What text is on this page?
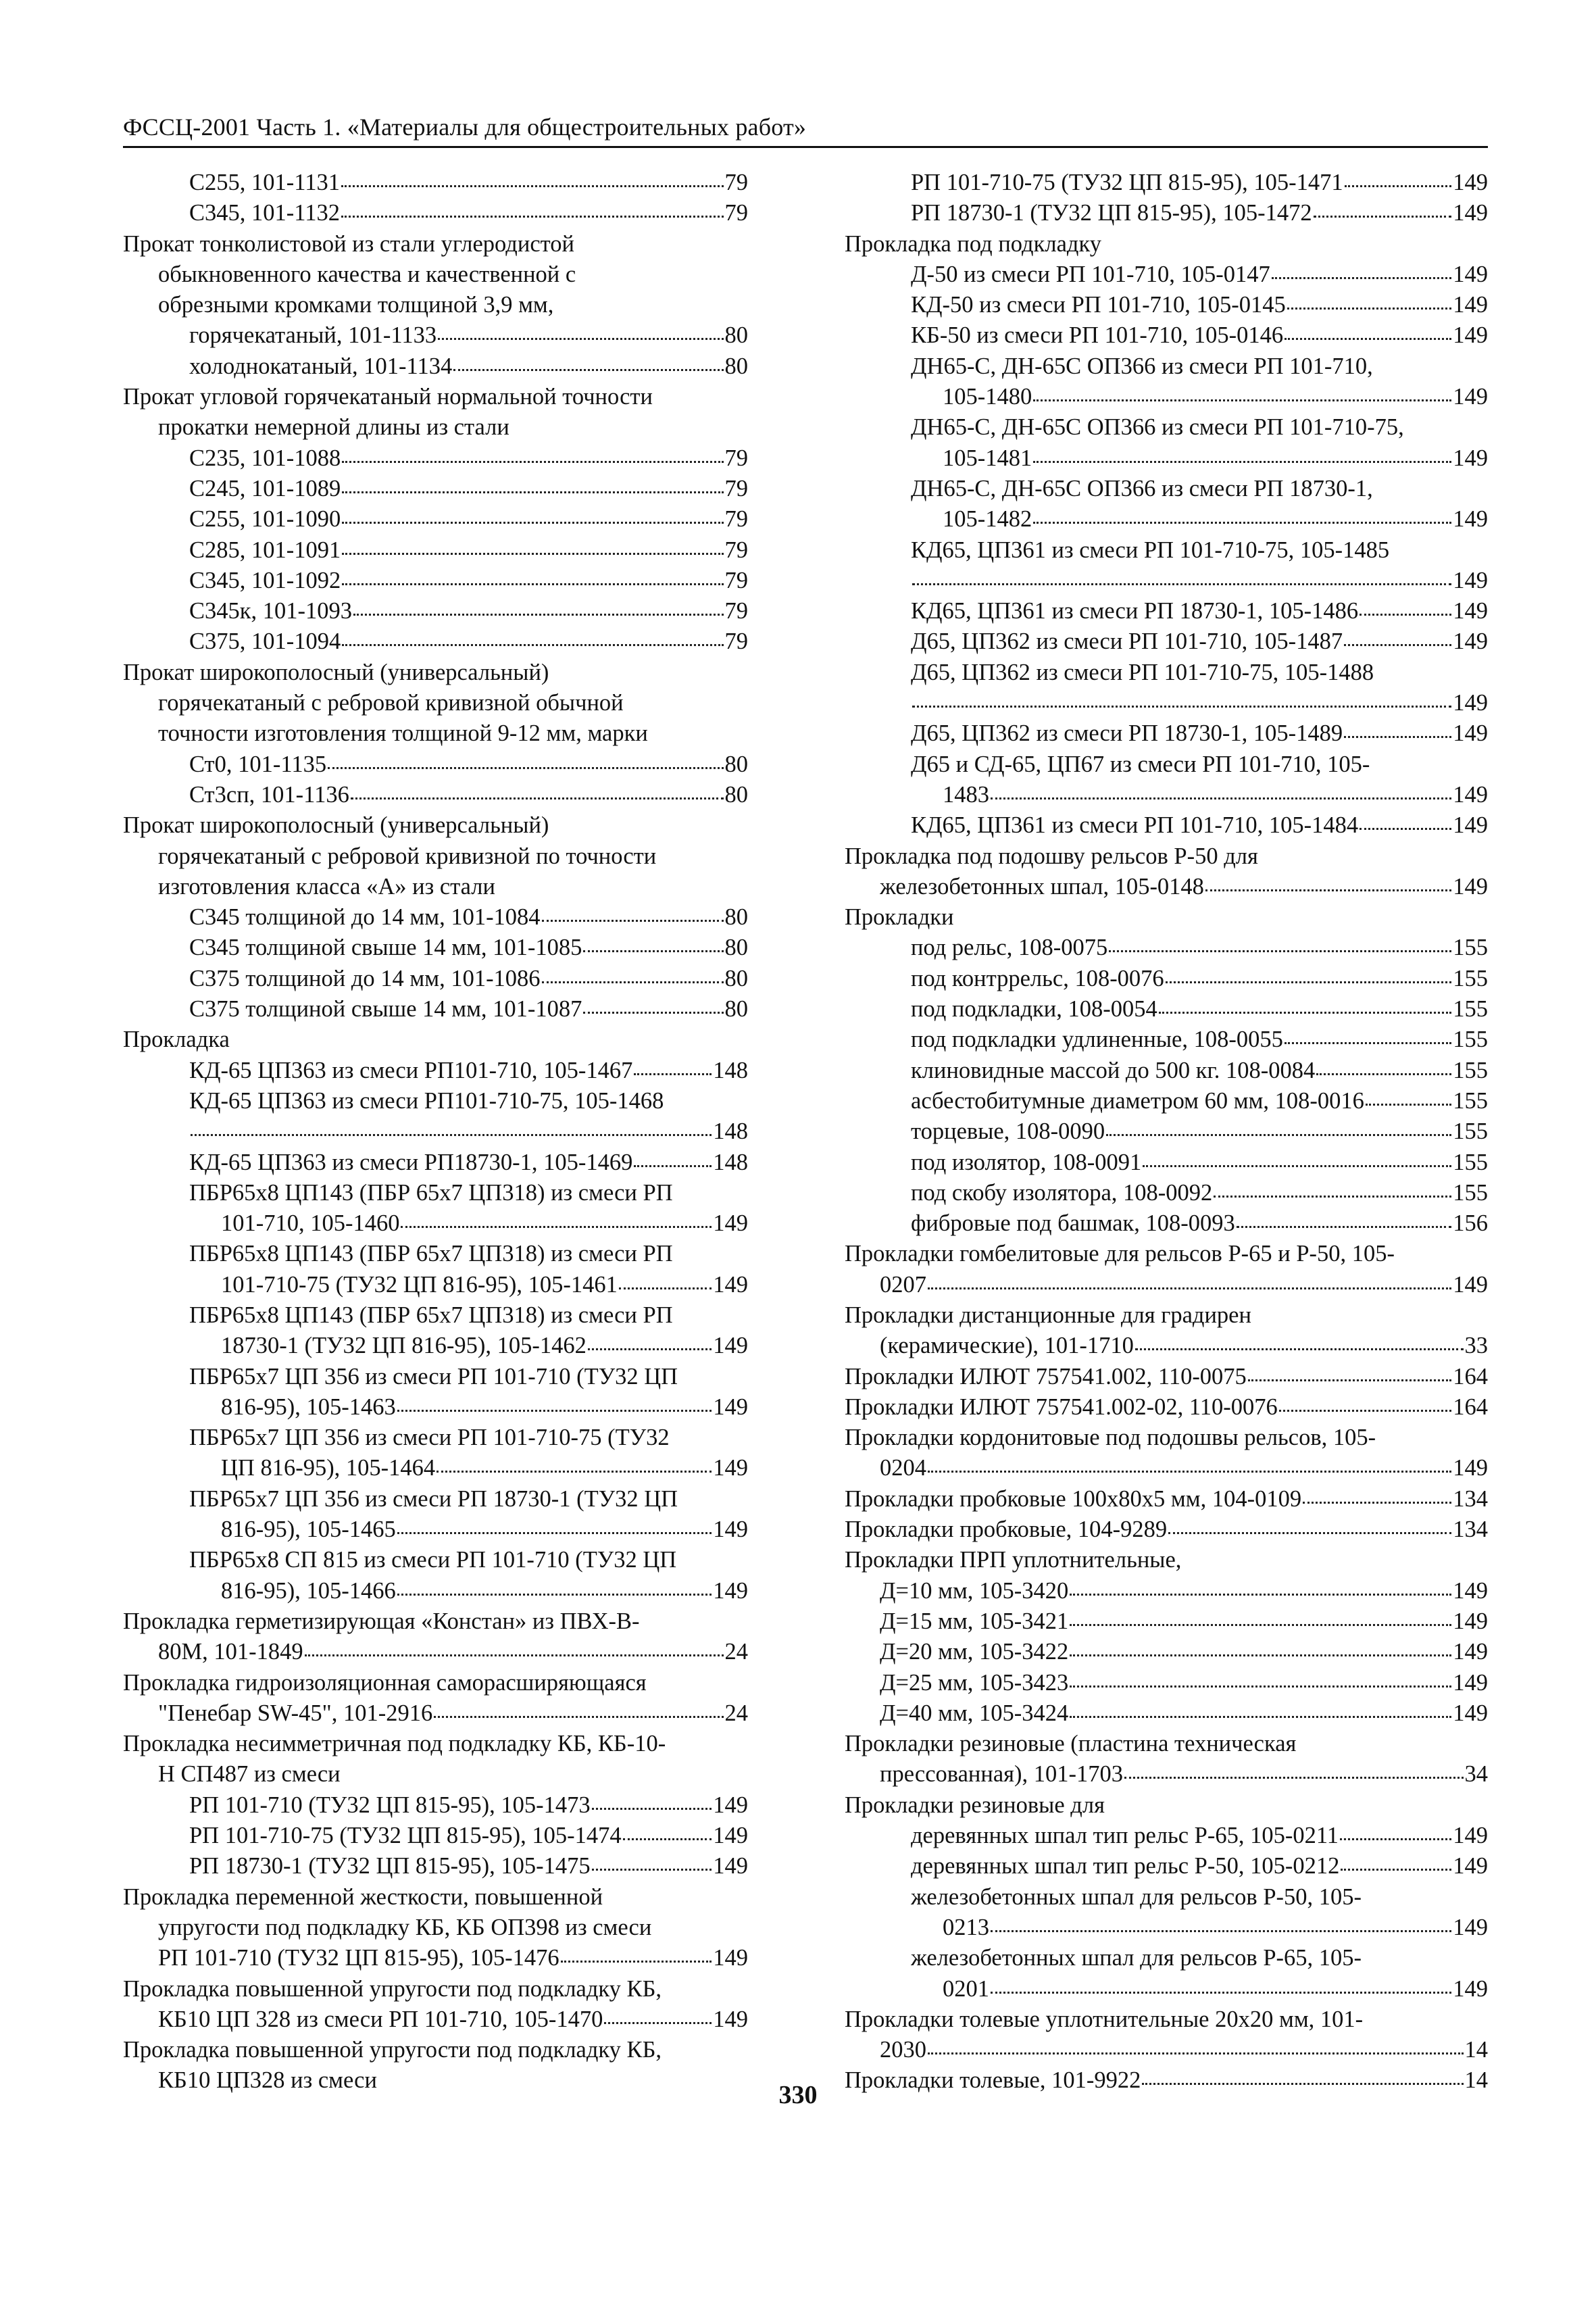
ФССЦ-2001 Часть 1. «Материалы для общестроительных работ»
С255, 101-1131	79
С345, 101-1132	79
Прокат тонколистовой из стали углеродистой
обыкновенного качества и качественной с
обрезными кромками толщиной 3,9 мм,
горячекатаный, 101-1133	80
холоднокатаный, 101-1134	80
Прокат угловой горячекатаный нормальной точности
прокатки немерной длины из стали
С235, 101-1088	79
С245, 101-1089	79
С255, 101-1090	79
С285, 101-1091	79
С345, 101-1092	79
С345к, 101-1093	79
С375, 101-1094	79
Прокат широкополосный (универсальный)
горячекатаный с ребровой кривизной обычной
точности изготовления толщиной 9-12 мм, марки
Ст0, 101-1135	80
Ст3сп, 101-1136	80
Прокат широкополосный (универсальный)
горячекатаный с ребровой кривизной по точности
изготовления класса «А» из стали
С345 толщиной до 14 мм, 101-1084	80
С345 толщиной свыше 14 мм, 101-1085	80
С375 толщиной до 14 мм, 101-1086	80
С375 толщиной свыше 14 мм, 101-1087	80
Прокладка
КД-65 ЦП363 из смеси РП101-710, 105-1467	148
КД-65 ЦП363 из смеси РП101-710-75, 105-1468
148
КД-65 ЦП363 из смеси РП18730-1, 105-1469	148
ПБР65х8 ЦП143 (ПБР 65х7 ЦП318) из смеси РП
101-710, 105-1460	149
ПБР65х8 ЦП143 (ПБР 65х7 ЦП318) из смеси РП
101-710-75 (ТУ32 ЦП 816-95), 105-1461	149
ПБР65х8 ЦП143 (ПБР 65х7 ЦП318) из смеси РП
18730-1 (ТУ32 ЦП 816-95), 105-1462	149
ПБР65х7 ЦП 356 из смеси РП 101-710 (ТУ32 ЦП
816-95), 105-1463	149
ПБР65х7 ЦП 356 из смеси РП 101-710-75 (ТУ32
ЦП 816-95), 105-1464	149
ПБР65х7 ЦП 356 из смеси РП 18730-1 (ТУ32 ЦП
816-95), 105-1465	149
ПБР65х8 СП 815 из смеси РП 101-710 (ТУ32 ЦП
816-95), 105-1466	149
Прокладка герметизирующая «Констан» из ПВХ-В-
80М, 101-1849	24
Прокладка гидроизоляционная саморасширяющаяся
"Пенебар SW-45", 101-2916	24
Прокладка несимметричная под подкладку КБ, КБ-10-
Н СП487 из смеси
РП 101-710 (ТУ32 ЦП 815-95), 105-1473	149
РП 101-710-75 (ТУ32 ЦП 815-95), 105-1474	149
РП 18730-1 (ТУ32 ЦП 815-95), 105-1475	149
Прокладка переменной жесткости, повышенной
упругости под подкладку КБ, КБ ОП398 из смеси
РП 101-710 (ТУ32 ЦП 815-95), 105-1476	149
Прокладка повышенной упругости под подкладку КБ,
КБ10 ЦП 328 из смеси РП 101-710, 105-1470	149
Прокладка повышенной упругости под подкладку КБ,
КБ10 ЦП328 из смеси
РП 101-710-75 (ТУ32 ЦП 815-95), 105-1471	149
РП 18730-1 (ТУ32 ЦП 815-95), 105-1472	149
Прокладка под подкладку
Д-50 из смеси РП 101-710, 105-0147	149
КД-50 из смеси РП 101-710, 105-0145	149
КБ-50 из смеси РП 101-710, 105-0146	149
ДН65-С, ДН-65С ОП366 из смеси РП 101-710,
105-1480	149
ДН65-С, ДН-65С ОП366 из смеси РП 101-710-75,
105-1481	149
ДН65-С, ДН-65С ОП366 из смеси РП 18730-1,
105-1482	149
КД65, ЦП361 из смеси РП 101-710-75, 105-1485
149
КД65, ЦП361 из смеси РП 18730-1, 105-1486	149
Д65, ЦП362 из смеси РП 101-710, 105-1487	149
Д65, ЦП362 из смеси РП 101-710-75, 105-1488
149
Д65, ЦП362 из смеси РП 18730-1, 105-1489	149
Д65 и СД-65, ЦП67 из смеси РП 101-710, 105-
1483	149
КД65, ЦП361 из смеси РП 101-710, 105-1484	149
Прокладка под подошву рельсов Р-50 для
железобетонных шпал, 105-0148	149
Прокладки
под рельс, 108-0075	155
под контррельс, 108-0076	155
под подкладки, 108-0054	155
под подкладки удлиненные, 108-0055	155
клиновидные массой до 500 кг. 108-0084	155
асбестобитумные диаметром 60 мм, 108-0016	155
торцевые, 108-0090	155
под изолятор, 108-0091	155
под скобу изолятора, 108-0092	155
фибровые под башмак, 108-0093	156
Прокладки гомбелитовые для рельсов Р-65 и Р-50, 105-
0207	149
Прокладки дистанционные для градирен
(керамические), 101-1710	33
Прокладки ИЛЮТ 757541.002, 110-0075	164
Прокладки ИЛЮТ 757541.002-02, 110-0076	164
Прокладки кордонитовые под подошвы рельсов, 105-
0204	149
Прокладки пробковые 100х80х5 мм, 104-0109	134
Прокладки пробковые, 104-9289	134
Прокладки ПРП уплотнительные,
Д=10 мм, 105-3420	149
Д=15 мм, 105-3421	149
Д=20 мм, 105-3422	149
Д=25 мм, 105-3423	149
Д=40 мм, 105-3424	149
Прокладки резиновые (пластина техническая
прессованная), 101-1703	34
Прокладки резиновые для
деревянных шпал тип рельс Р-65, 105-0211	149
деревянных шпал тип рельс Р-50, 105-0212	149
железобетонных шпал для рельсов Р-50, 105-
0213	149
железобетонных шпал для рельсов Р-65, 105-
0201	149
Прокладки толевые уплотнительные 20х20 мм, 101-
2030	14
Прокладки толевые, 101-9922	14
330
